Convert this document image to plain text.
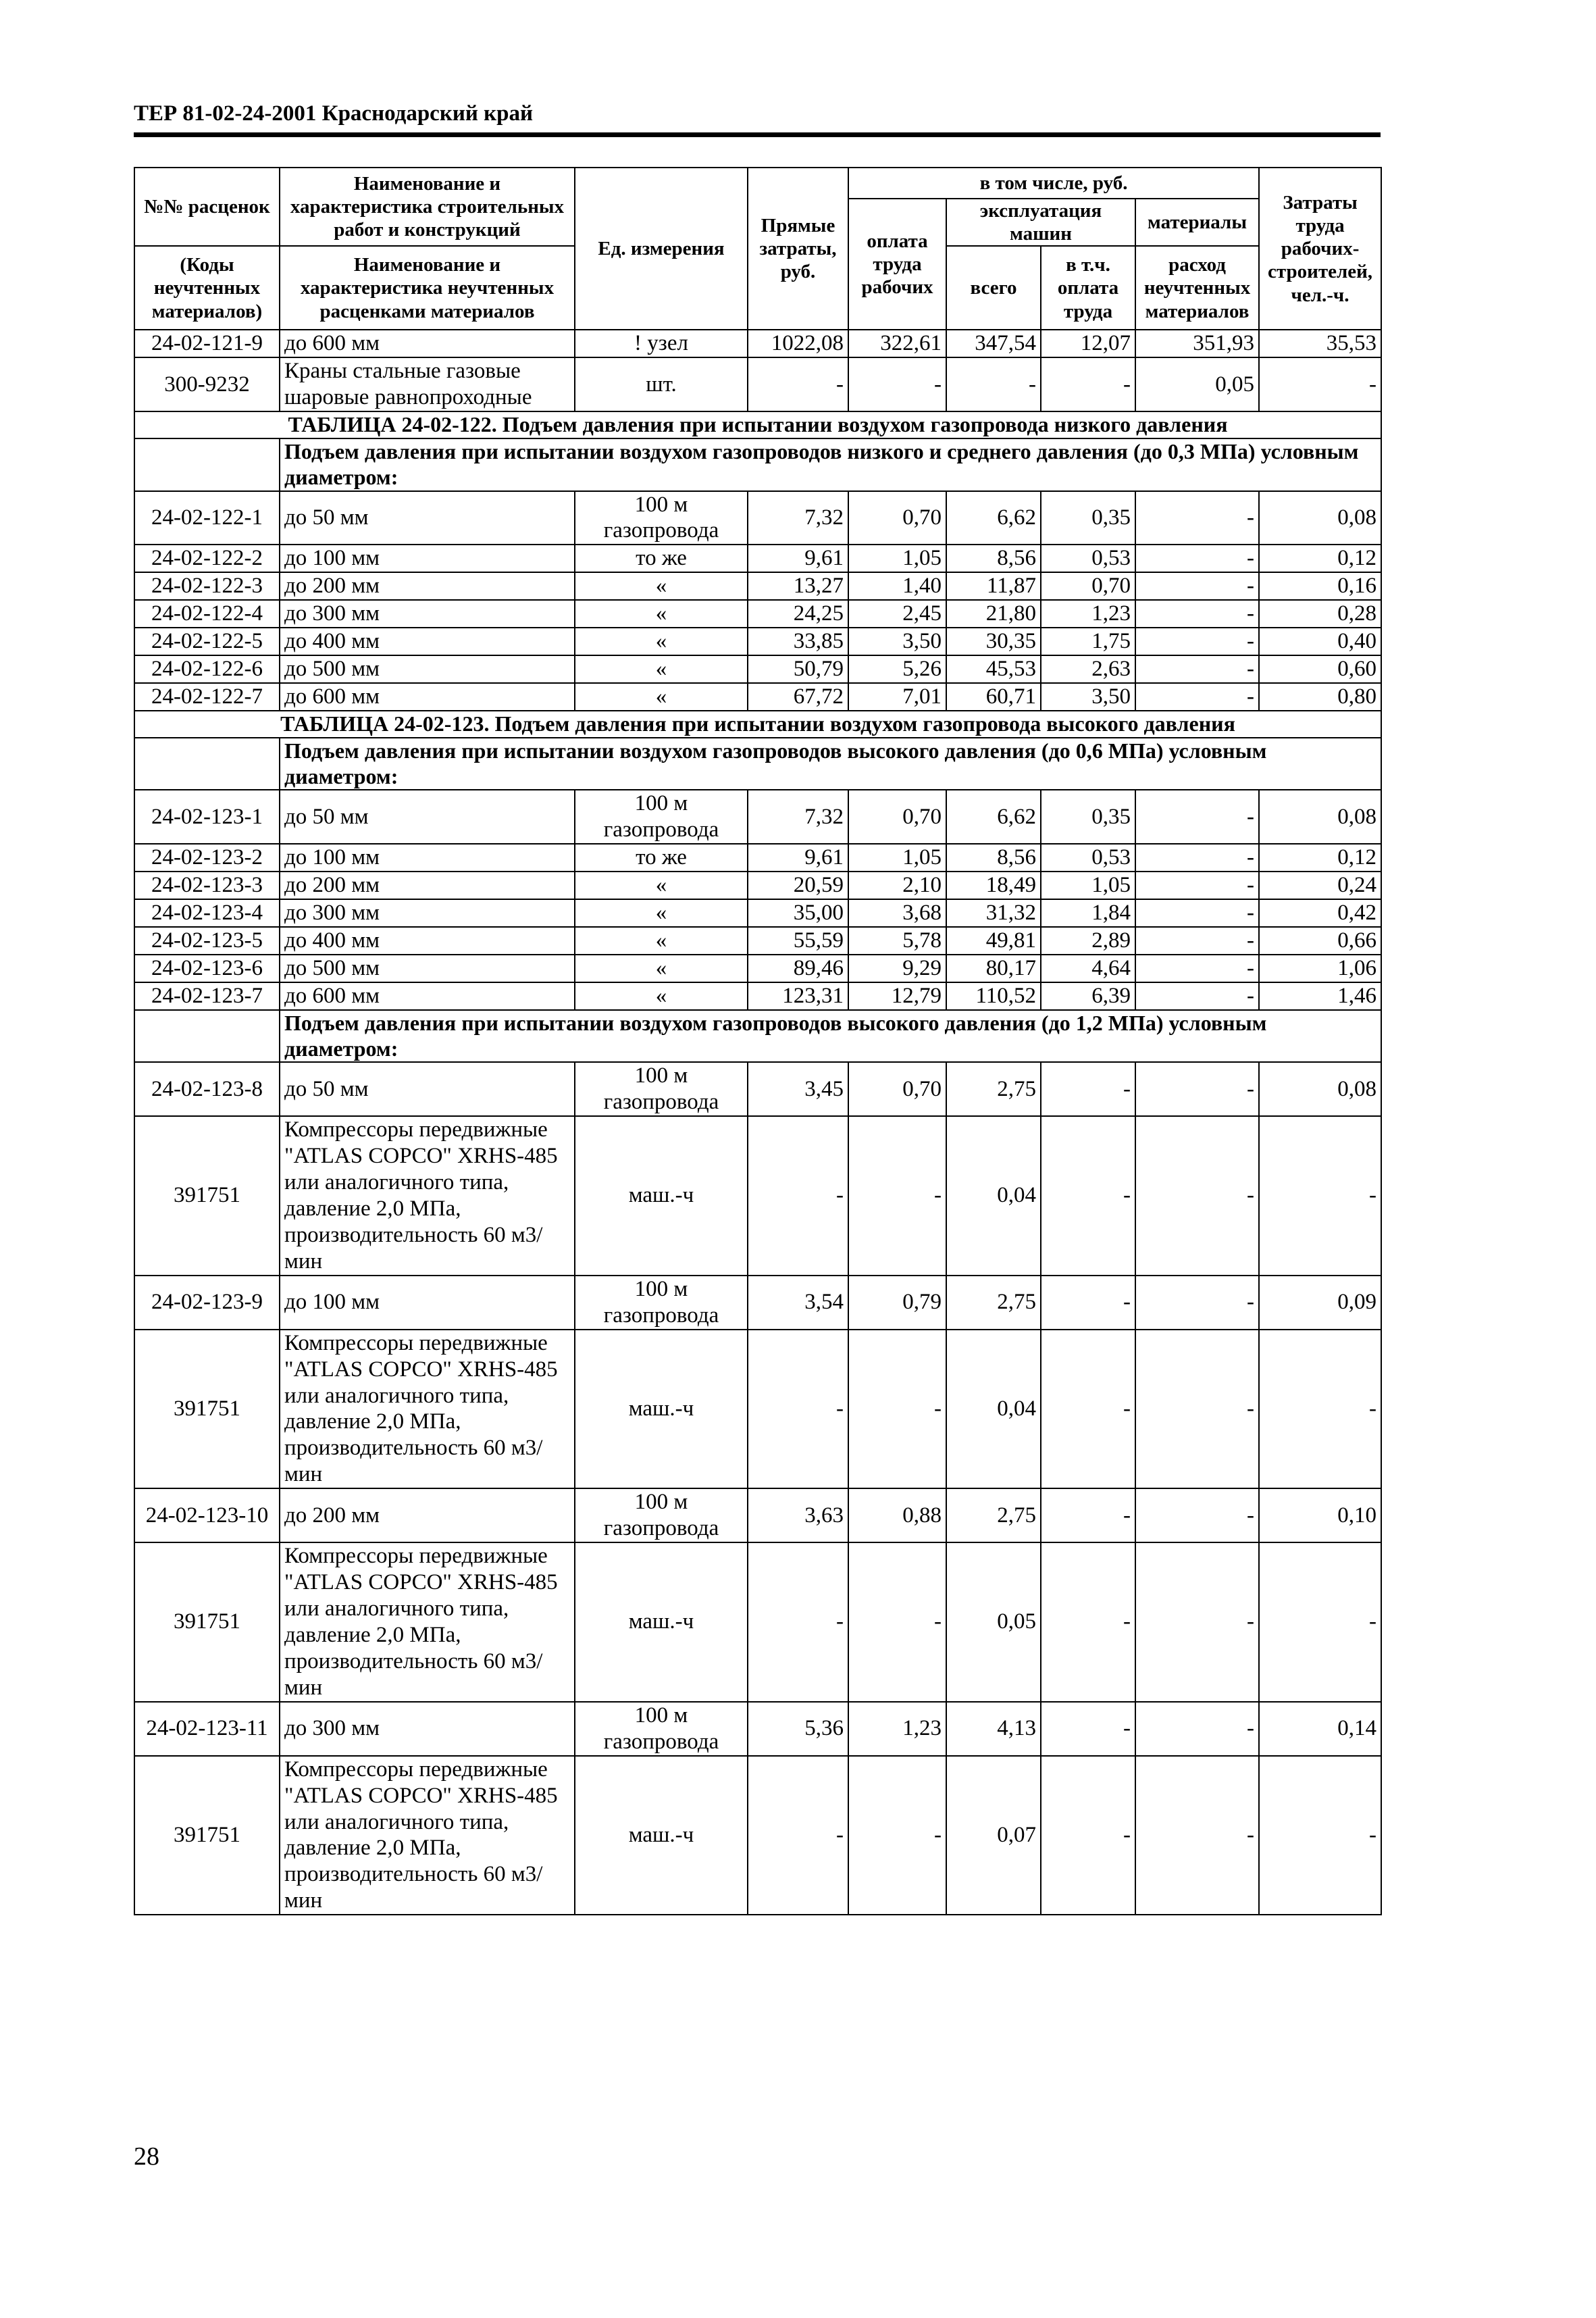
ТЕР 81-02-24-2001 Краснодарский край
№№ расценок	Наименование и характеристика строительных работ и конструкций	Ед. измерения	Прямые затраты, руб.	в том числе, руб.				Затраты труда рабочих-строителей, чел.-ч.
				оплата труда рабочих	эксплуатация машин		материалы	
(Коды неучтенных материалов)	Наименование и характеристика неучтенных расценками материалов				всего	в т.ч. оплата труда	расход неучтенных материалов	

24-02-121-9	до 600 мм	! узел	1022,08	322,61	347,54	12,07	351,93	35,53
300-9232	Краны стальные газовые шаровые равнопроходные	шт.	-	-	-	-	0,05	-
ТАБЛИЦА 24-02-122. Подъем давления при испытании воздухом газопровода низкого давления								
	Подъем давления при испытании воздухом газопроводов низкого и среднего давления (до 0,3 МПа) условным диаметром:							
24-02-122-1	до 50 мм	100 м газопровода	7,32	0,70	6,62	0,35	-	0,08
24-02-122-2	до 100 мм	то же	9,61	1,05	8,56	0,53	-	0,12
24-02-122-3	до 200 мм	«	13,27	1,40	11,87	0,70	-	0,16
24-02-122-4	до 300 мм	«	24,25	2,45	21,80	1,23	-	0,28
24-02-122-5	до 400 мм	«	33,85	3,50	30,35	1,75	-	0,40
24-02-122-6	до 500 мм	«	50,79	5,26	45,53	2,63	-	0,60
24-02-122-7	до 600 мм	«	67,72	7,01	60,71	3,50	-	0,80
ТАБЛИЦА 24-02-123. Подъем давления при испытании воздухом газопровода высокого давления								
	Подъем давления при испытании воздухом газопроводов высокого давления (до 0,6 МПа) условным диаметром:							
24-02-123-1	до 50 мм	100 м газопровода	7,32	0,70	6,62	0,35	-	0,08
24-02-123-2	до 100 мм	то же	9,61	1,05	8,56	0,53	-	0,12
24-02-123-3	до 200 мм	«	20,59	2,10	18,49	1,05	-	0,24
24-02-123-4	до 300 мм	«	35,00	3,68	31,32	1,84	-	0,42
24-02-123-5	до 400 мм	«	55,59	5,78	49,81	2,89	-	0,66
24-02-123-6	до 500 мм	«	89,46	9,29	80,17	4,64	-	1,06
24-02-123-7	до 600 мм	«	123,31	12,79	110,52	6,39	-	1,46
	Подъем давления при испытании воздухом газопроводов высокого давления (до 1,2 МПа) условным диаметром:							
24-02-123-8	до 50 мм	100 м газопровода	3,45	0,70	2,75	-	-	0,08
391751	Компрессоры передвижные "ATLAS COPCO" XRHS-485 или аналогичного типа, давление 2,0 МПа, производительность 60 м3/мин	маш.-ч	-	-	0,04	-	-	-
24-02-123-9	до 100 мм	100 м газопровода	3,54	0,79	2,75	-	-	0,09
391751	Компрессоры передвижные "ATLAS COPCO" XRHS-485 или аналогичного типа, давление 2,0 МПа, производительность 60 м3/мин	маш.-ч	-	-	0,04	-	-	-
24-02-123-10	до 200 мм	100 м газопровода	3,63	0,88	2,75	-	-	0,10
391751	Компрессоры передвижные "ATLAS COPCO" XRHS-485 или аналогичного типа, давление 2,0 МПа, производительность 60 м3/мин	маш.-ч	-	-	0,05	-	-	-
24-02-123-11	до 300 мм	100 м газопровода	5,36	1,23	4,13	-	-	0,14
391751	Компрессоры передвижные "ATLAS COPCO" XRHS-485 или аналогичного типа, давление 2,0 МПа, производительность 60 м3/мин	маш.-ч	-	-	0,07	-	-	-
28
